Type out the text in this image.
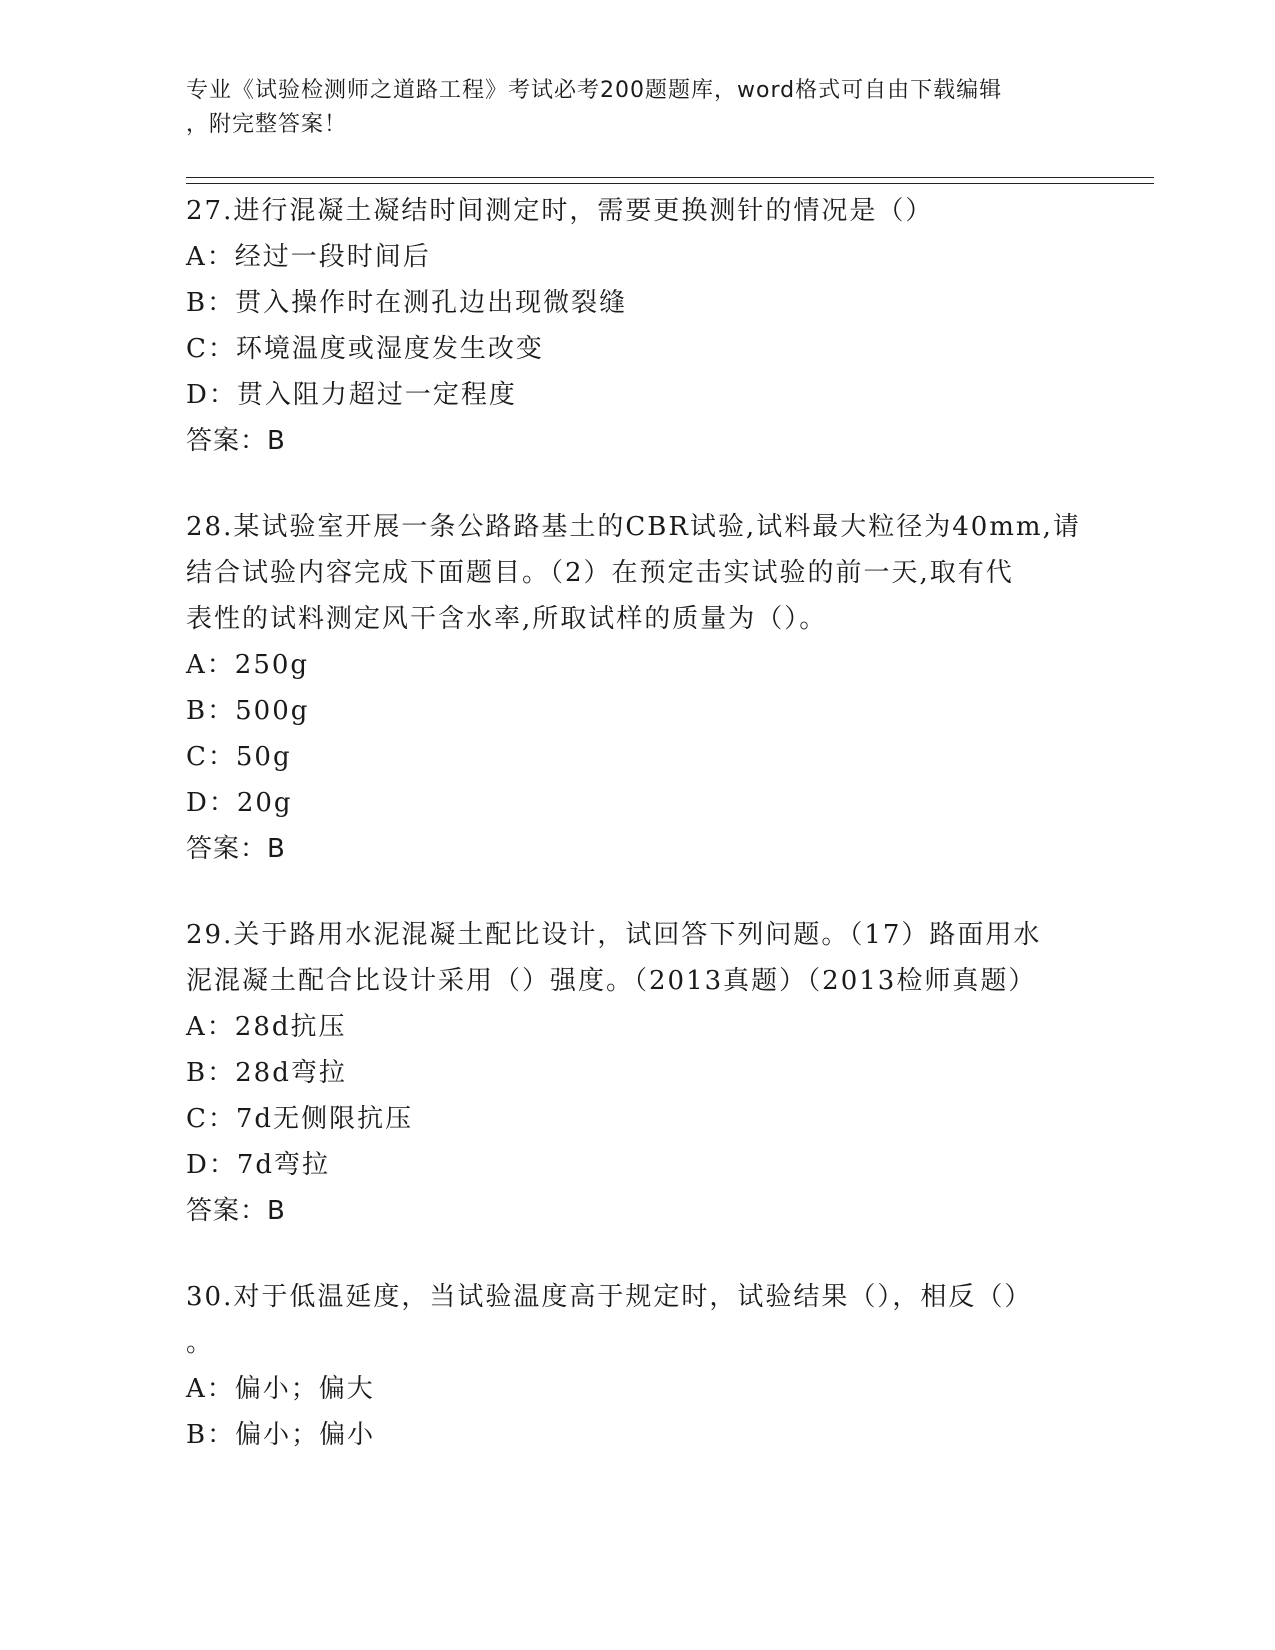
专业《试验检测师之道路工程》考试必考200题题库，word格式可自由下载编辑
，附完整答案！
27.进行混凝土凝结时间测定时，需要更换测针的情况是（）
A：经过一段时间后
B：贯入操作时在测孔边出现微裂缝
C：环境温度或湿度发生改变
D：贯入阻力超过一定程度
答案：B
28.某试验室开展一条公路路基土的CBR试验,试料最大粒径为40mm,请
结合试验内容完成下面题目。（2）在预定击实试验的前一天,取有代
表性的试料测定风干含水率,所取试样的质量为（）。
A：250g
B：500g
C：50g
D：20g
答案：B
29.关于路用水泥混凝土配比设计，试回答下列问题。（17）路面用水
泥混凝土配合比设计采用（）强度。（2013真题）（2013检师真题）
A：28d抗压
B：28d弯拉
C：7d无侧限抗压
D：7d弯拉
答案：B
30.对于低温延度，当试验温度高于规定时，试验结果（），相反（）
。
A：偏小；偏大
B：偏小；偏小
